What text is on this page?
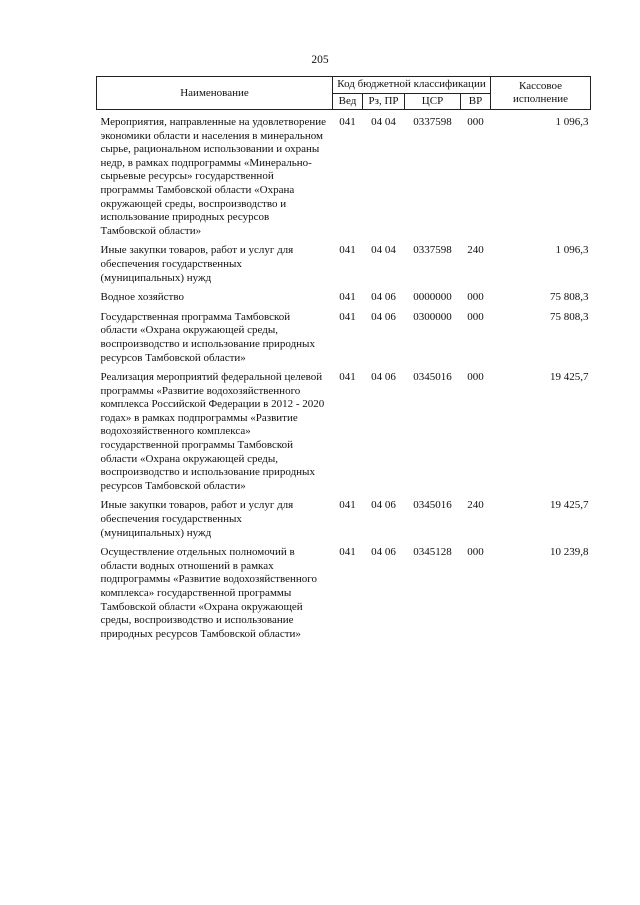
205
Наименование	Код бюджетной классификации				Кассовое исполнение
	Вед	Рз, ПР	ЦСР	ВР	
Мероприятия, направленные на удовлетворение экономики области и населения в минеральном сырье, рациональном использовании и охраны недр, в рамках подпрограммы «Минерально-сырьевые ресурсы» государственной программы Тамбовской области «Охрана окружающей среды, воспроизводство и использование природных ресурсов Тамбовской области»	041	04 04	0337598	000	1 096,3
Иные закупки товаров, работ и услуг для обеспечения государственных (муниципальных) нужд	041	04 04	0337598	240	1 096,3
Водное хозяйство	041	04 06	0000000	000	75 808,3
Государственная программа Тамбовской области «Охрана окружающей среды, воспроизводство и использование природных ресурсов Тамбовской области»	041	04 06	0300000	000	75 808,3
Реализация мероприятий федеральной целевой программы «Развитие водохозяйственного комплекса Российской Федерации в 2012 - 2020 годах» в рамках подпрограммы «Развитие водохозяйственного комплекса» государственной программы Тамбовской области «Охрана окружающей среды, воспроизводство и использование природных ресурсов Тамбовской области»	041	04 06	0345016	000	19 425,7
Иные закупки товаров, работ и услуг для обеспечения государственных (муниципальных) нужд	041	04 06	0345016	240	19 425,7
Осуществление отдельных полномочий в области водных отношений в рамках подпрограммы «Развитие водохозяйственного комплекса» государственной программы Тамбовской области «Охрана окружающей среды, воспроизводство и использование природных ресурсов Тамбовской области»	041	04 06	0345128	000	10 239,8
